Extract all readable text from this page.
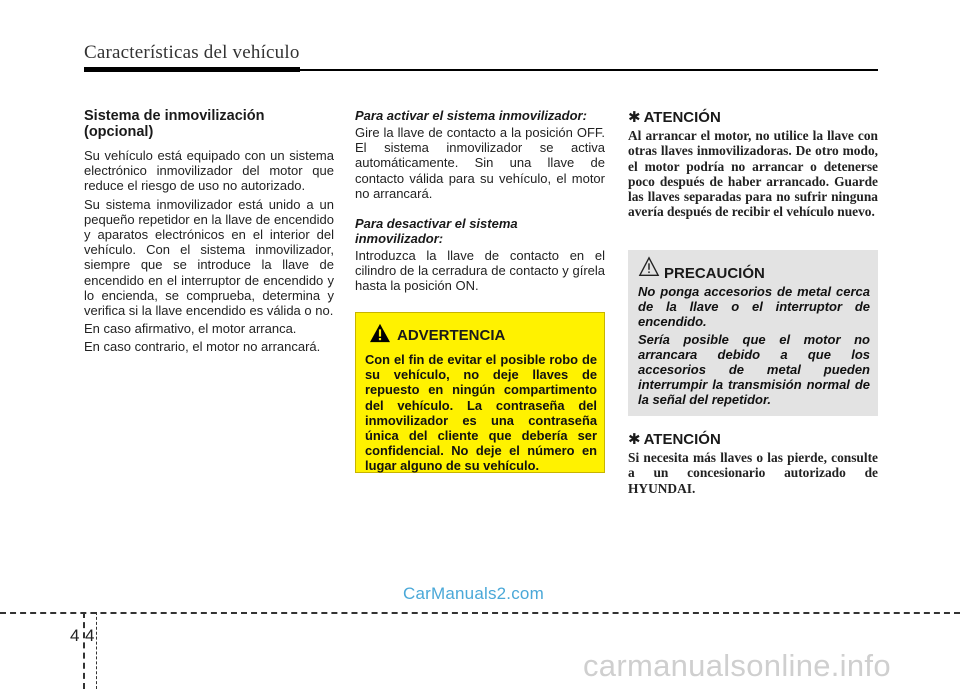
Características del vehículo
Sistema de inmovilización (opcional)

Su vehículo está equipado con un sistema electrónico inmovilizador del motor que reduce el riesgo de uso no autorizado.

Su sistema inmovilizador está unido a un pequeño repetidor en la llave de encendido y aparatos electrónicos en el interior del vehículo. Con el sistema inmovilizador, siempre que se introduce la llave de encendido en el interruptor de encendido y lo encienda, se comprueba, determina y verifica si la llave encendido es válida o no.

En caso afirmativo, el motor arranca.

En caso contrario, el motor no arrancará.

Para activar el sistema inmovilizador:

Gire la llave de contacto a la posición OFF. El sistema inmovilizador se activa automáticamente. Sin una llave de contacto válida para su vehículo, el motor no arrancará.

Para desactivar el sistema inmovilizador:

Introduzca la llave de contacto en el cilindro de la cerradura de contacto y gírela hasta la posición ON.

ADVERTENCIA

Con el fin de evitar el posible robo de su vehículo, no deje llaves de repuesto en ningún compartimento del vehículo. La contraseña del inmovilizador es una contraseña única del cliente que debería ser confidencial. No deje el número en lugar alguno de su vehículo.

✱ ATENCIÓN

Al arrancar el motor, no utilice la llave con otras llaves inmovilizadoras. De otro modo, el motor podría no arrancar o detenerse poco después de haber arrancado. Guarde las llaves separadas para no sufrir ninguna avería después de recibir el vehículo nuevo.

PRECAUCIÓN

No ponga accesorios de metal cerca de la llave o el interruptor de encendido.

Sería posible que el motor no arrancara debido a que los accesorios de metal pueden interrumpir la transmisión normal de la señal del repetidor.

✱ ATENCIÓN

Si necesita más llaves o las pierde, consulte a un concesionario autorizado de HYUNDAI.

CarManuals2.com
4 4
carmanualsonline.info
